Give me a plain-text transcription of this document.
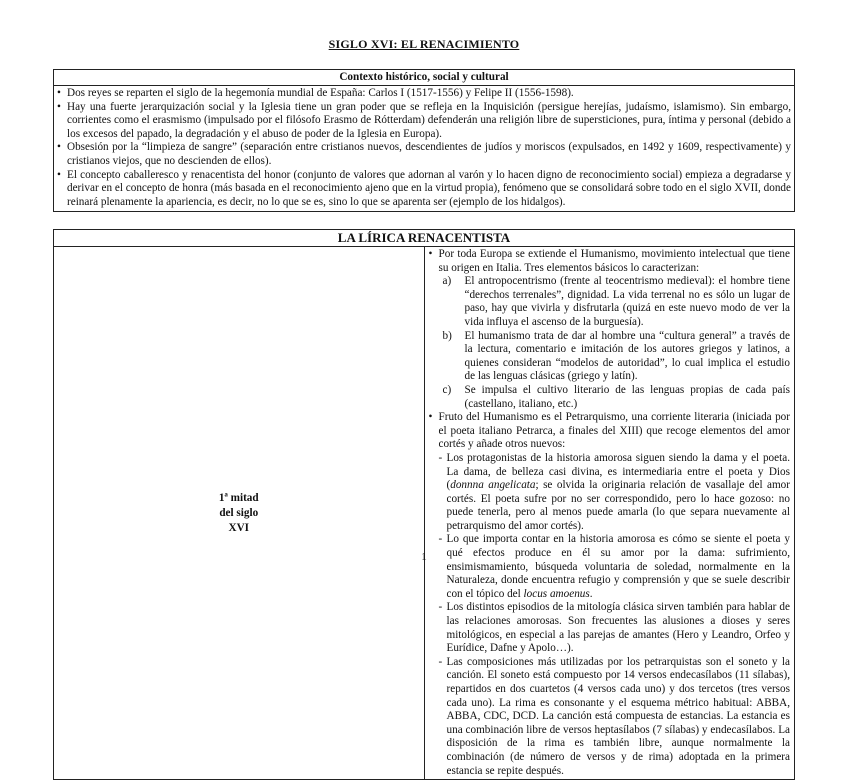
SIGLO XVI: EL RENACIMIENTO
Contexto histórico, social y cultural

• Dos reyes se reparten el siglo de la hegemonía mundial de España: Carlos I (1517-1556) y Felipe II (1556-1598).
• Hay una fuerte jerarquización social y la Iglesia tiene un gran poder que se refleja en la Inquisición (persigue herejías, judaísmo, islamismo). Sin embargo, corrientes como el erasmismo (impulsado por el filósofo Erasmo de Rótterdam) defenderán una religión libre de supersticiones, pura, íntima y personal (debido a los excesos del papado, la degradación y el abuso de poder de la Iglesia en Europa).
• Obsesión por la “limpieza de sangre” (separación entre cristianos nuevos, descendientes de judíos y moriscos (expulsados, en 1492 y 1609, respectivamente) y cristianos viejos, que no descienden de ellos).
• El concepto caballeresco y renacentista del honor (conjunto de valores que adornan al varón y lo hacen digno de reconocimiento social) empieza a degradarse y derivar en el concepto de honra (más basada en el reconocimiento ajeno que en la virtud propia), fenómeno que se consolidará sobre todo en el siglo XVII, donde reinará plenamente la apariencia, es decir, no lo que se es, sino lo que se aparenta ser (ejemplo de los hidalgos).
LA LÍRICA RENACENTISTA

1ª mitad
del siglo
XVI

• Por toda Europa se extiende el Humanismo, movimiento intelectual que tiene su origen en Italia. Tres elementos básicos lo caracterizan:
a)	El antropocentrismo (frente al teocentrismo medieval): el hombre tiene “derechos terrenales”, dignidad. La vida terrenal no es sólo un lugar de paso, hay que vivirla y disfrutarla (quizá en este nuevo modo de ver la vida influya el ascenso de la burguesía).
b)	El humanismo trata de dar al hombre una “cultura general” a través de la lectura, comentario e imitación de los autores griegos y latinos, a quienes consideran “modelos de autoridad”, lo cual implica el estudio de las lenguas clásicas (griego y latín).
c)	Se impulsa el cultivo literario de las lenguas propias de cada país (castellano, italiano, etc.)
• Fruto del Humanismo es el Petrarquismo, una corriente literaria (iniciada por el poeta italiano Petrarca, a finales del XIII) que recoge elementos del amor cortés y añade otros nuevos:
- Los protagonistas de la historia amorosa siguen siendo la dama y el poeta. La dama, de belleza casi divina, es intermediaria entre el poeta y Dios (donnna angelicata; se olvida la originaria relación de vasallaje del amor cortés. El poeta sufre por no ser correspondido, pero lo hace gozoso: no puede tenerla, pero al menos puede amarla (lo que separa nuevamente al petrarquismo del amor cortés).
- Lo que importa contar en la historia amorosa es cómo se siente el poeta y qué efectos produce en él su amor por la dama: sufrimiento, ensimismamiento, búsqueda voluntaria de soledad, normalmente en la Naturaleza, donde encuentra refugio y comprensión y que se suele describir con el tópico del locus amoenus.
- Los distintos episodios de la mitología clásica sirven también para hablar de las relaciones amorosas. Son frecuentes las alusiones a dioses y seres mitológicos, en especial a las parejas de amantes (Hero y Leandro, Orfeo y Eurídice, Dafne y Apolo…).
- Las composiciones más utilizadas por los petrarquistas son el soneto y la canción. El soneto está compuesto por 14 versos endecasílabos (11 sílabas), repartidos en dos cuartetos (4 versos cada uno) y dos tercetos (tres versos cada uno). La rima es consonante y el esquema métrico habitual: ABBA, ABBA, CDC, DCD. La canción está compuesta de estancias. La estancia es una combinación libre de versos heptasílabos (7 sílabas) y endecasílabos. La disposición de la rima es también libre, aunque normalmente la combinación (de número de versos y de rima) adoptada en la primera estancia se repite después.
1
